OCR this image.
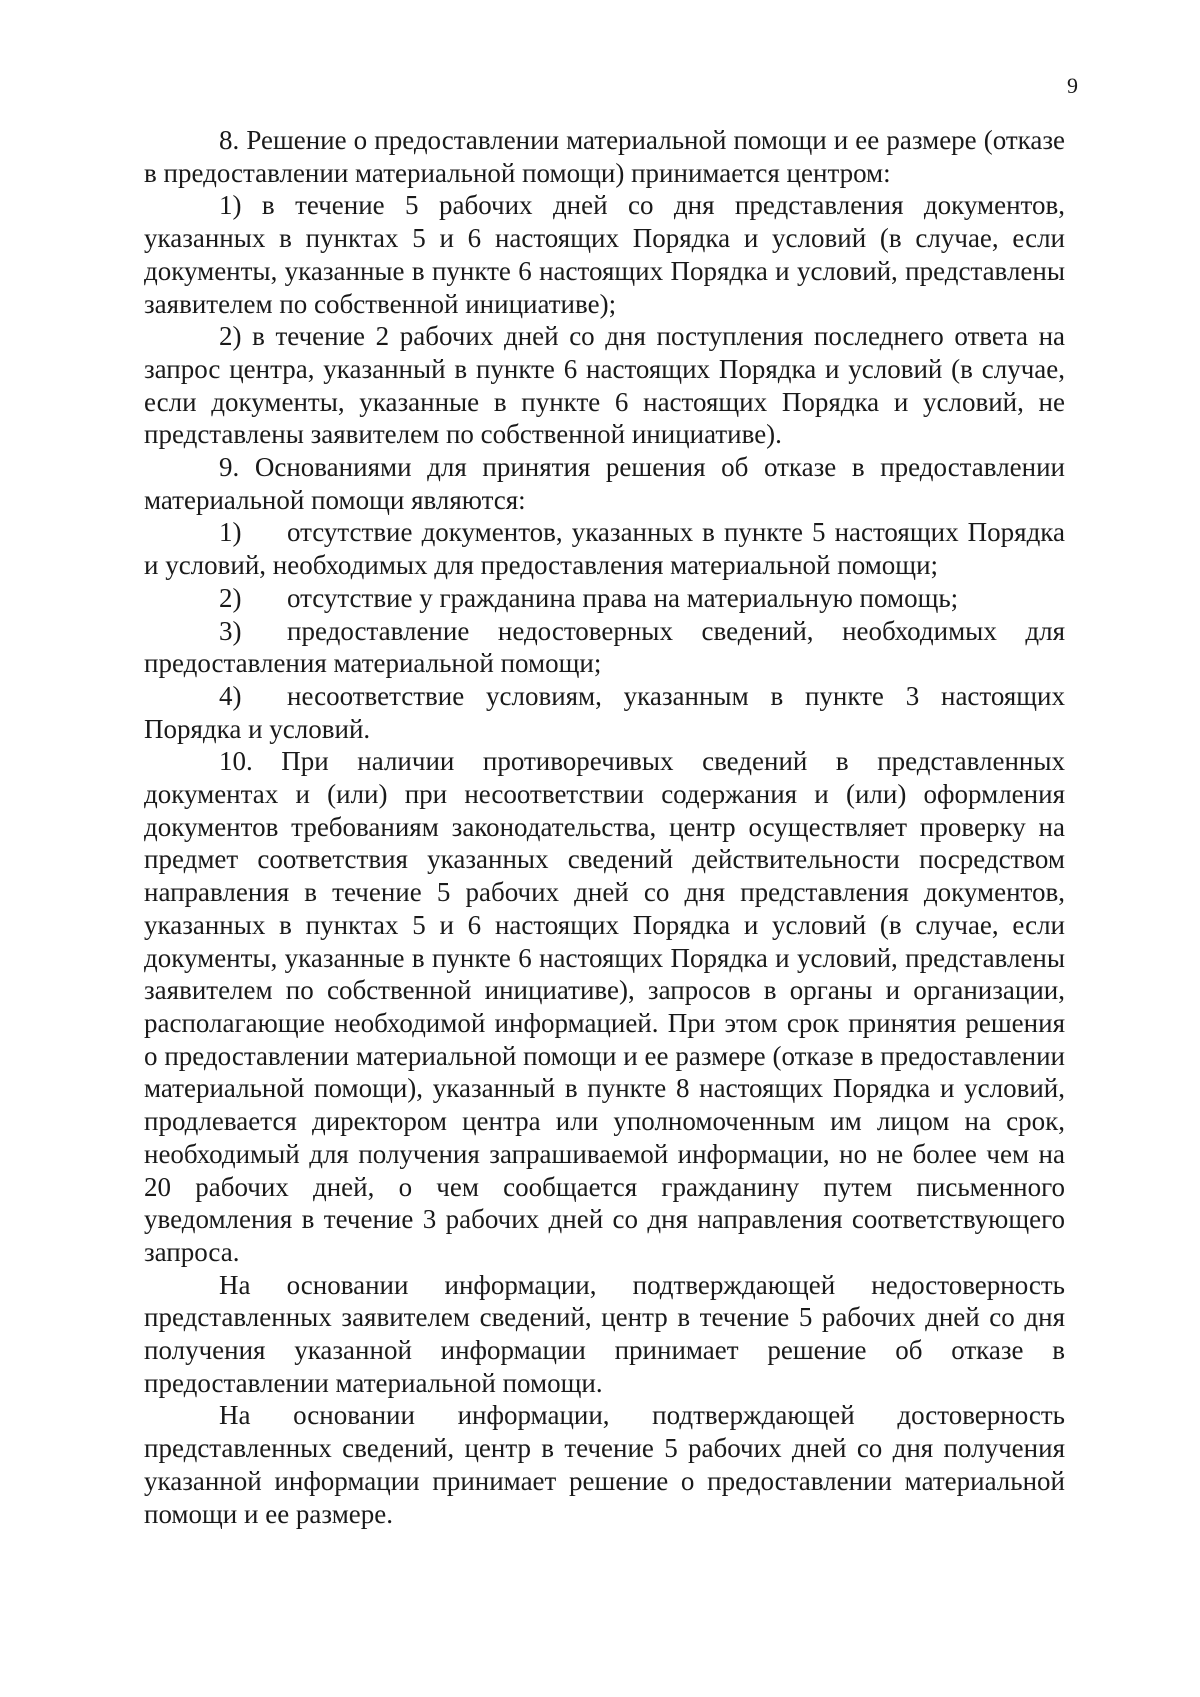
9

8. Решение о предоставлении материальной помощи и ее размере (отказе в предоставлении материальной помощи) принимается центром:

1) в течение 5 рабочих дней со дня представления документов, указанных в пунктах 5 и 6 настоящих Порядка и условий (в случае, если документы, указанные в пункте 6 настоящих Порядка и условий, представлены заявителем по собственной инициативе);

2) в течение 2 рабочих дней со дня поступления последнего ответа на запрос центра, указанный в пункте 6 настоящих Порядка и условий (в случае, если документы, указанные в пункте 6 настоящих Порядка и условий, не представлены заявителем по собственной инициативе).

9. Основаниями для принятия решения об отказе в предоставлении материальной помощи являются:

1) отсутствие документов, указанных в пункте 5 настоящих Порядка и условий, необходимых для предоставления материальной помощи;

2) отсутствие у гражданина права на материальную помощь;

3) предоставление недостоверных сведений, необходимых для предоставления материальной помощи;

4) несоответствие условиям, указанным в пункте 3 настоящих Порядка и условий.

10. При наличии противоречивых сведений в представленных документах и (или) при несоответствии содержания и (или) оформления документов требованиям законодательства, центр осуществляет проверку на предмет соответствия указанных сведений действительности посредством направления в течение 5 рабочих дней со дня представления документов, указанных в пунктах 5 и 6 настоящих Порядка и условий (в случае, если документы, указанные в пункте 6 настоящих Порядка и условий, представлены заявителем по собственной инициативе), запросов в органы и организации, располагающие необходимой информацией. При этом срок принятия решения о предоставлении материальной помощи и ее размере (отказе в предоставлении материальной помощи), указанный в пункте 8 настоящих Порядка и условий, продлевается директором центра или уполномоченным им лицом на срок, необходимый для получения запрашиваемой информации, но не более чем на 20 рабочих дней, о чем сообщается гражданину путем письменного уведомления в течение 3 рабочих дней со дня направления соответствующего запроса.

На основании информации, подтверждающей недостоверность представленных заявителем сведений, центр в течение 5 рабочих дней со дня получения указанной информации принимает решение об отказе в предоставлении материальной помощи.

На основании информации, подтверждающей достоверность представленных сведений, центр в течение 5 рабочих дней со дня получения указанной информации принимает решение о предоставлении материальной помощи и ее размере.
